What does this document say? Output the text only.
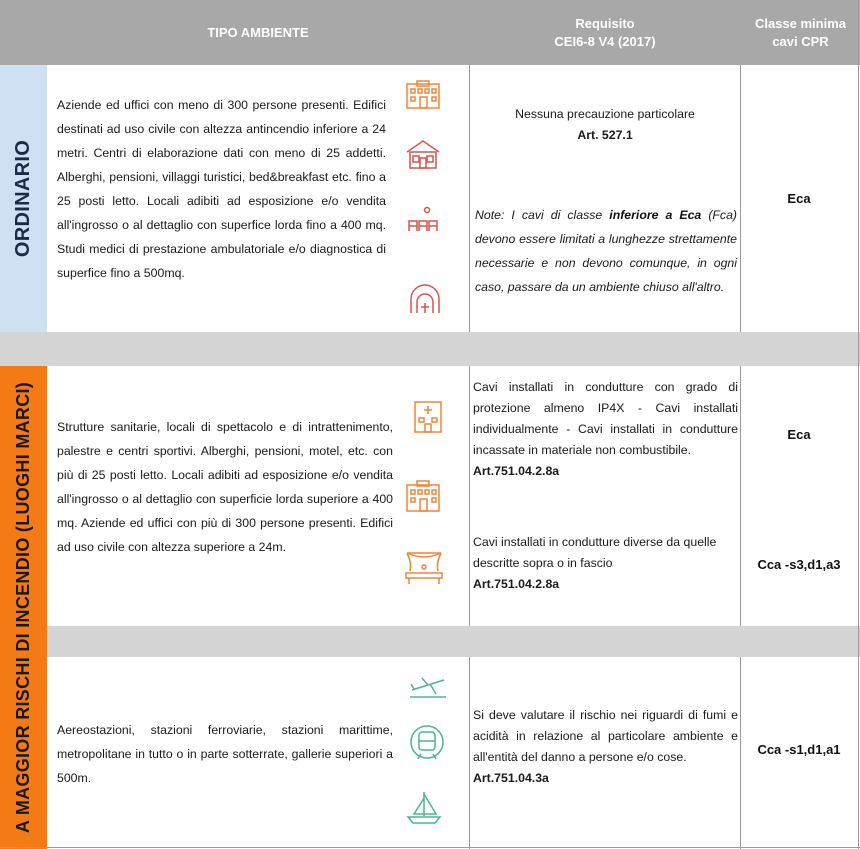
TIPO AMBIENTE
Requisito
CEI6-8 V4 (2017)
Classe minima
cavi CPR
ORDINARIO
A MAGGIOR RISCHI DI INCENDIO (LUOGHI MARCI)
Aziende ed uffici con meno di 300 persone presenti. Edifici destinati ad uso civile con altezza antincendio inferiore a 24 metri. Centri di elaborazione dati con meno di 25 addetti. Alberghi, pensioni, villaggi turistici, bed&breakfast etc. fino a 25 posti letto. Locali adibiti ad esposizione e/o vendita all'ingrosso o al dettaglio con superfice lorda fino a 400 mq. Studi medici di prestazione ambulatoriale e/o diagnostica di superfice fino a 500mq.
Nessuna precauzione particolare
Art. 527.1
Note: I cavi di classe inferiore a Eca (Fca) devono essere limitati a lunghezze strettamente necessarie e non devono comunque, in ogni caso, passare da un ambiente chiuso all'altro.
Eca
Strutture sanitarie, locali di spettacolo e di intrattenimento, palestre e centri sportivi. Alberghi, pensioni, motel, etc. con più di 25 posti letto. Locali adibiti ad esposizione e/o vendita all'ingrosso o al dettaglio con superficie lorda superiore a 400 mq. Aziende ed uffici con più di 300 persone presenti. Edifici ad uso civile con altezza superiore a 24m.
Cavi installati in condutture con grado di protezione almeno IP4X - Cavi installati individualmente - Cavi installati in condutture incassate in materiale non combustibile.
Art.751.04.2.8a
Cavi installati in condutture diverse da quelle descritte sopra o in fascio
Art.751.04.2.8a
Eca
Cca -s3,d1,a3
Aereostazioni, stazioni ferroviarie, stazioni marittime, metropolitane in tutto o in parte sotterrate, gallerie superiori a 500m.
Si deve valutare il rischio nei riguardi di fumi e acidità in relazione al particolare ambiente e all'entità del danno a persone e/o cose.
Art.751.04.3a
Cca -s1,d1,a1
